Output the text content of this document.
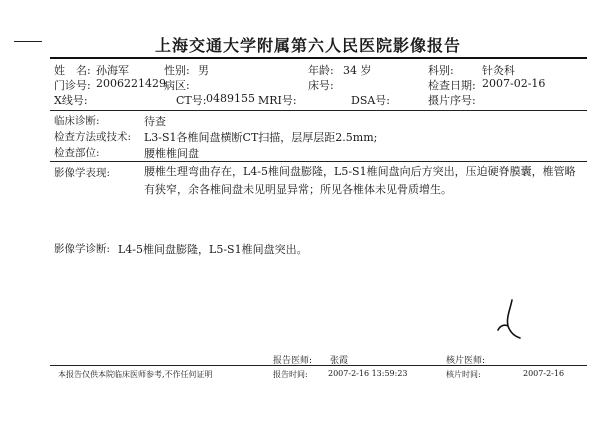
上海交通大学附属第六人民医院影像报告
姓　名: 孙海军	性别: 男	年龄: 34 岁	科别:	针灸科
门诊号: 2006221429
病区:	床号:	检查日期: 2007-02-16
X线号:	CT号: 0489155 MRI号:	DSA号:	摄片序号:
临床诊断:	待查
检查方法或技术: L3-S1各椎间盘横断CT扫描，层厚层距2.5mm;
检查部位:	腰椎椎间盘
影像学表现:	腰椎生理弯曲存在，L4-5椎间盘膨隆，L5-S1椎间盘向后方突出，压迫硬脊膜囊，椎管略有狭窄，余各椎间盘未见明显异常；所见各椎体未见骨质增生。
影像学诊断: L4-5椎间盘膨隆，L5-S1椎间盘突出。
报告医师: 张霞	核片医师:
本报告仅供本院临床医师参考,不作任何证明	报告时间:	2007-2-16 13:59:23	核片时间:	2007-2-16
